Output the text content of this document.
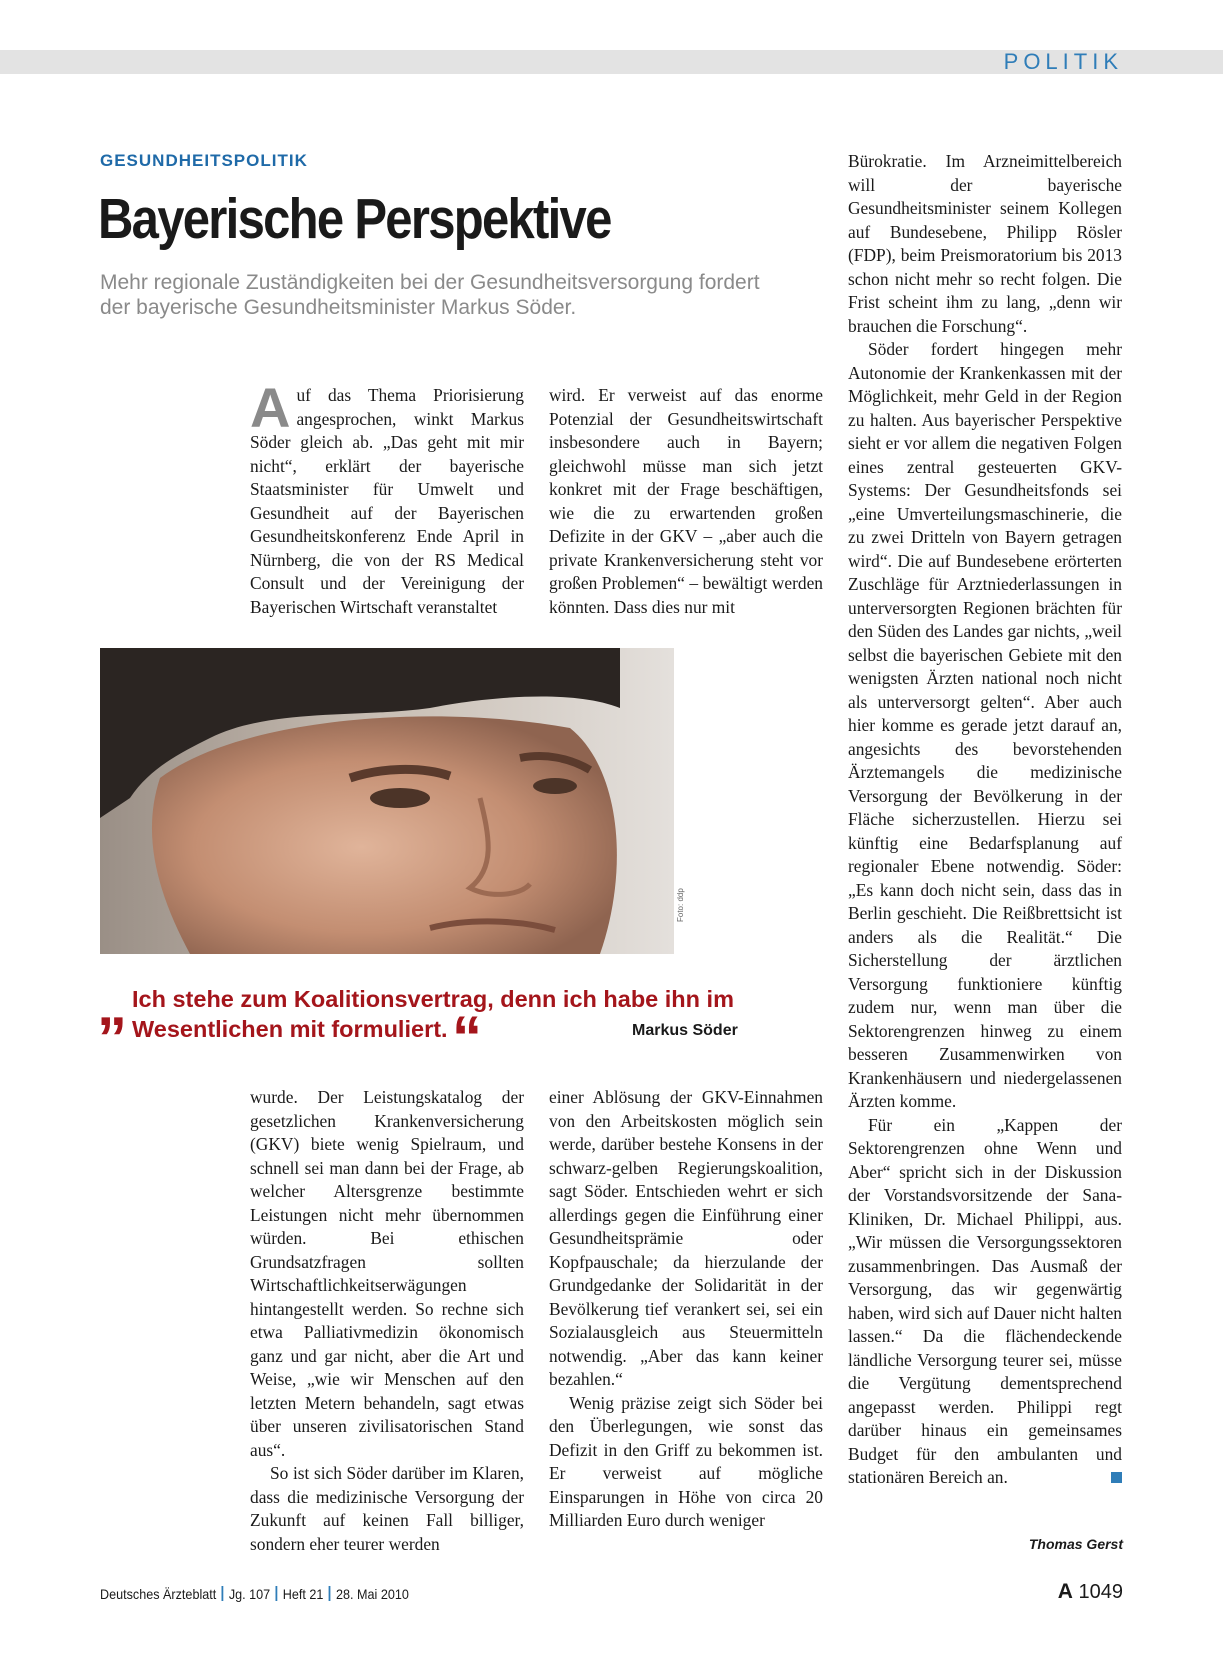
POLITIK
GESUNDHEITSPOLITIK
Bayerische Perspektive
Mehr regionale Zuständigkeiten bei der Gesundheitsversorgung fordert der bayerische Gesundheitsminister Markus Söder.

Auf das Thema Priorisierung angesprochen, winkt Markus Söder gleich ab. „Das geht mit mir nicht“, erklärt der bayerische Staatsminister für Umwelt und Gesundheit auf der Bayerischen Gesundheitskonferenz Ende April in Nürnberg, die von der RS Medical Consult und der Vereinigung der Bayerischen Wirtschaft veranstaltet

wird. Er verweist auf das enorme Potenzial der Gesundheitswirtschaft insbesondere auch in Bayern; gleichwohl müsse man sich jetzt konkret mit der Frage beschäftigen, wie die zu erwartenden großen Defizite in der GKV – „aber auch die private Krankenversicherung steht vor großen Problemen“ – bewältigt werden könnten. Dass dies nur mit

Foto: ddp
„ Ich stehe zum Koalitionsvertrag, denn ich habe ihn im Wesentlichen mit formuliert. “	Markus Söder

wurde. Der Leistungskatalog der gesetzlichen Krankenversicherung (GKV) biete wenig Spielraum, und schnell sei man dann bei der Frage, ab welcher Altersgrenze bestimmte Leistungen nicht mehr übernommen würden. Bei ethischen Grundsatzfragen sollten Wirtschaftlichkeitserwägungen hintangestellt werden. So rechne sich etwa Palliativmedizin ökonomisch ganz und gar nicht, aber die Art und Weise, „wie wir Menschen auf den letzten Metern behandeln, sagt etwas über unseren zivilisatorischen Stand aus“.

So ist sich Söder darüber im Klaren, dass die medizinische Versorgung der Zukunft auf keinen Fall billiger, sondern eher teurer werden

einer Ablösung der GKV-Einnahmen von den Arbeitskosten möglich sein werde, darüber bestehe Konsens in der schwarz-gelben Regierungskoalition, sagt Söder. Entschieden wehrt er sich allerdings gegen die Einführung einer Gesundheitsprämie oder Kopfpauschale; da hierzulande der Grundgedanke der Solidarität in der Bevölkerung tief verankert sei, sei ein Sozialausgleich aus Steuermitteln notwendig. „Aber das kann keiner bezahlen.“

Wenig präzise zeigt sich Söder bei den Überlegungen, wie sonst das Defizit in den Griff zu bekommen ist. Er verweist auf mögliche Einsparungen in Höhe von circa 20 Milliarden Euro durch weniger

Bürokratie. Im Arzneimittelbereich will der bayerische Gesundheitsminister seinem Kollegen auf Bundesebene, Philipp Rösler (FDP), beim Preismoratorium bis 2013 schon nicht mehr so recht folgen. Die Frist scheint ihm zu lang, „denn wir brauchen die Forschung“.

Söder fordert hingegen mehr Autonomie der Krankenkassen mit der Möglichkeit, mehr Geld in der Region zu halten. Aus bayerischer Perspektive sieht er vor allem die negativen Folgen eines zentral gesteuerten GKV-Systems: Der Gesundheitsfonds sei „eine Umverteilungsmaschinerie, die zu zwei Dritteln von Bayern getragen wird“. Die auf Bundesebene erörterten Zuschläge für Arztniederlassungen in unterversorgten Regionen brächten für den Süden des Landes gar nichts, „weil selbst die bayerischen Gebiete mit den wenigsten Ärzten national noch nicht als unterversorgt gelten“. Aber auch hier komme es gerade jetzt darauf an, angesichts des bevorstehenden Ärztemangels die medizinische Versorgung der Bevölkerung in der Fläche sicherzustellen. Hierzu sei künftig eine Bedarfsplanung auf regionaler Ebene notwendig. Söder: „Es kann doch nicht sein, dass das in Berlin geschieht. Die Reißbrettsicht ist anders als die Realität.“ Die Sicherstellung der ärztlichen Versorgung funktioniere künftig zudem nur, wenn man über die Sektorengrenzen hinweg zu einem besseren Zusammenwirken von Krankenhäusern und niedergelassenen Ärzten komme.

Für ein „Kappen der Sektorengrenzen ohne Wenn und Aber“ spricht sich in der Diskussion der Vorstandsvorsitzende der Sana-Kliniken, Dr. Michael Philippi, aus. „Wir müssen die Versorgungssektoren zusammenbringen. Das Ausmaß der Versorgung, das wir gegenwärtig haben, wird sich auf Dauer nicht halten lassen.“ Da die flächendeckende ländliche Versorgung teurer sei, müsse die Vergütung dementsprechend angepasst werden. Philippi regt darüber hinaus ein gemeinsames Budget für den ambulanten und stationären Bereich an.

Thomas Gerst
Deutsches Ärzteblatt Jg. 107 Heft 21 28. Mai 2010	A 1049
